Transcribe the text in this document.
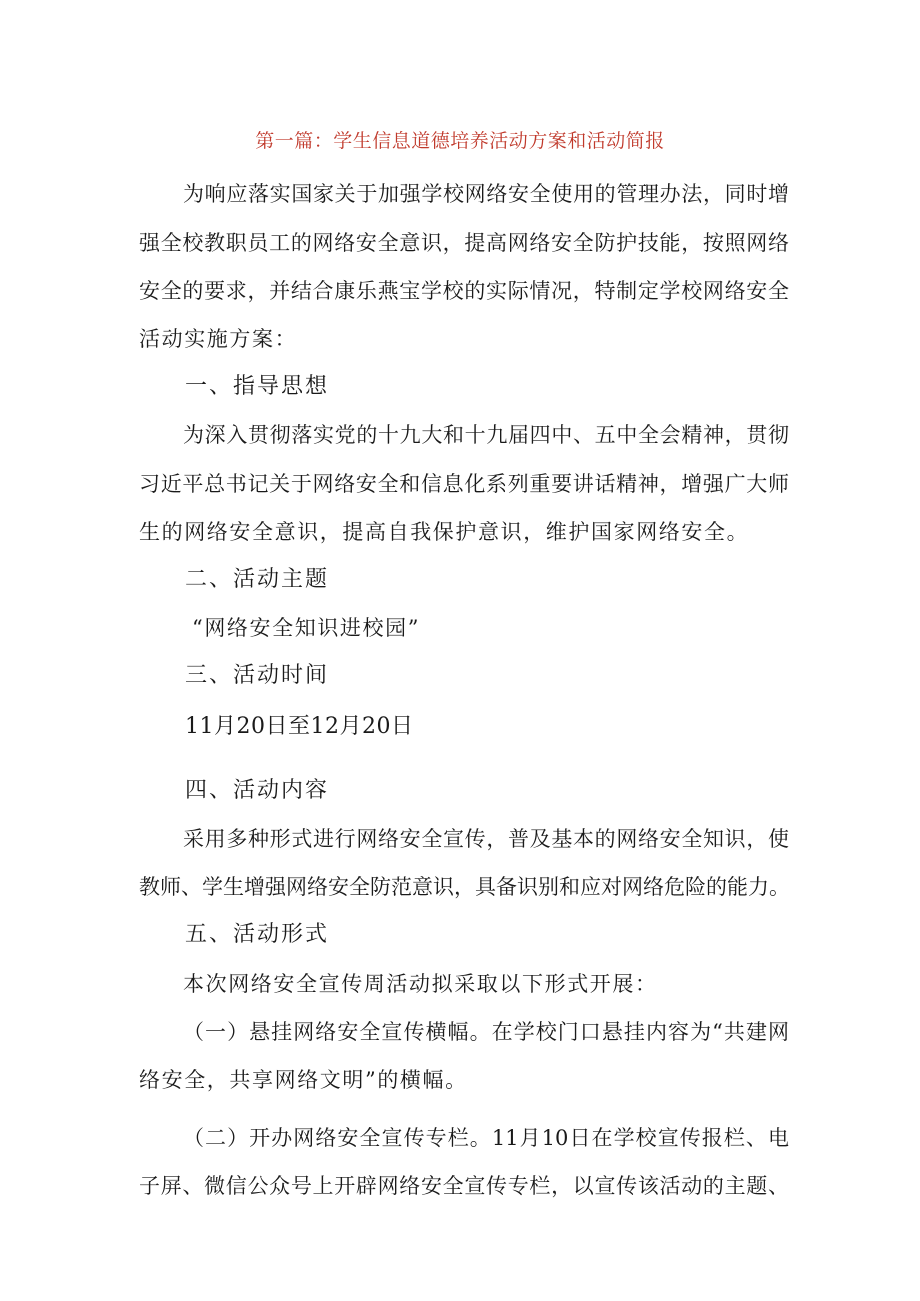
第一篇：学生信息道德培养活动方案和活动简报
为响应落实国家关于加强学校网络安全使用的管理办法，同时增
强全校教职员工的网络安全意识，提高网络安全防护技能，按照网络
安全的要求，并结合康乐燕宝学校的实际情况，特制定学校网络安全
活动实施方案：
一、指导思想
为深入贯彻落实党的十九大和十九届四中、五中全会精神，贯彻
习近平总书记关于网络安全和信息化系列重要讲话精神，增强广大师
生的网络安全意识，提高自我保护意识，维护国家网络安全。
二、活动主题
“网络安全知识进校园”
三、活动时间
11月20日至12月20日
四、活动内容
采用多种形式进行网络安全宣传，普及基本的网络安全知识，使
教师、学生增强网络安全防范意识，具备识别和应对网络危险的能力。
五、活动形式
本次网络安全宣传周活动拟采取以下形式开展：
（一）悬挂网络安全宣传横幅。在学校门口悬挂内容为“共建网
络安全，共享网络文明”的横幅。
（二）开办网络安全宣传专栏。11月10日在学校宣传报栏、电
子屏、微信公众号上开辟网络安全宣传专栏，以宣传该活动的主题、
